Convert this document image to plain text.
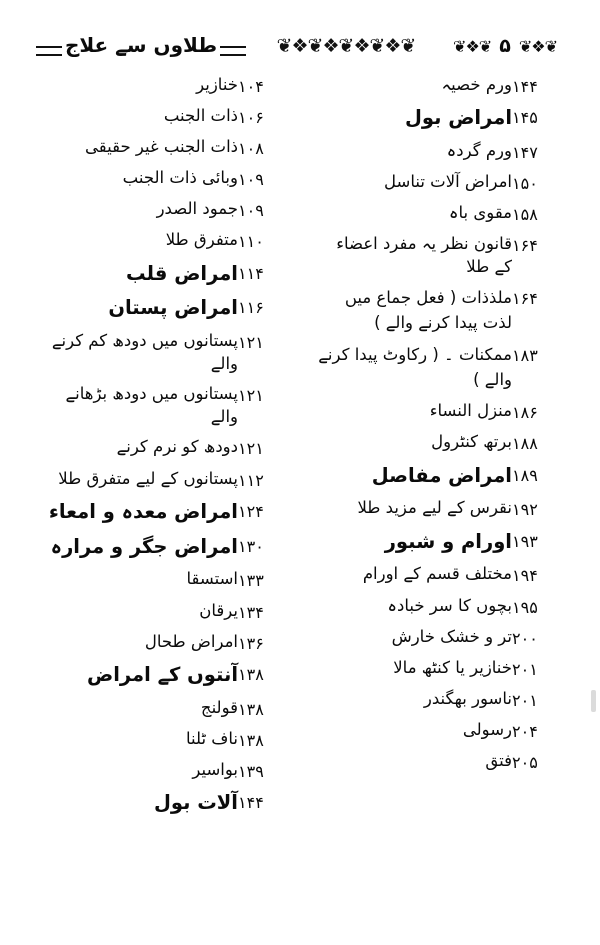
طلاوں سے علاج	❦❖❦❖❦❖❦❖❦	❦❖❦
۵
❦❖❦
۱۴۴
ورم خصیہ
۱۴۵
امراض بول
۱۴۷
ورم گردہ
۱۵۰
امراض آلات تناسل
۱۵۸
مقوی باہ
۱۶۴
قانون نظر یہ مفرد اعضاء کے طلا
۱۶۴
ملذذات ( فعل جماع میں لذت پیدا کرنے والے )
۱۸۳
ممکنات ۔ ( رکاوٹ پیدا کرنے والے )
۱۸۶
منزل النساء
۱۸۸
برتھ کنٹرول
۱۸۹
امراض مفاصل
۱۹۲
نقرس کے لیے مزید طلا
۱۹۳
اورام و شبور
۱۹۴
مختلف قسم کے اورام
۱۹۵
بچوں کا سر خبادہ
۲۰۰
تر و خشک خارش
۲۰۱
خنازیر یا کنٹھ مالا
۲۰۱
ناسور بھگندر
۲۰۴
رسولی
۲۰۵
فتق
۱۰۴
خنازیر
۱۰۶
ذات الجنب
۱۰۸
ذات الجنب غیر حقیقی
۱۰۹
وبائی ذات الجنب
۱۰۹
جمود الصدر
۱۱۰
متفرق طلا
۱۱۴
امراض قلب
۱۱۶
امراض پستان
۱۲۱
پستانوں میں دودھ کم کرنے والے
۱۲۱
پستانوں میں دودھ بڑھانے والے
۱۲۱
دودھ کو نرم کرنے
۱۱۲
پستانوں کے لیے متفرق طلا
۱۲۴
امراض معدہ و امعاء
۱۳۰
امراض جگر و مرارہ
۱۳۳
استسقا
۱۳۴
یرقان
۱۳۶
امراض طحال
۱۳۸
آنتوں کے امراض
۱۳۸
قولنج
۱۳۸
ناف ٹلنا
۱۳۹
بواسیر
۱۴۴
آلات بول
